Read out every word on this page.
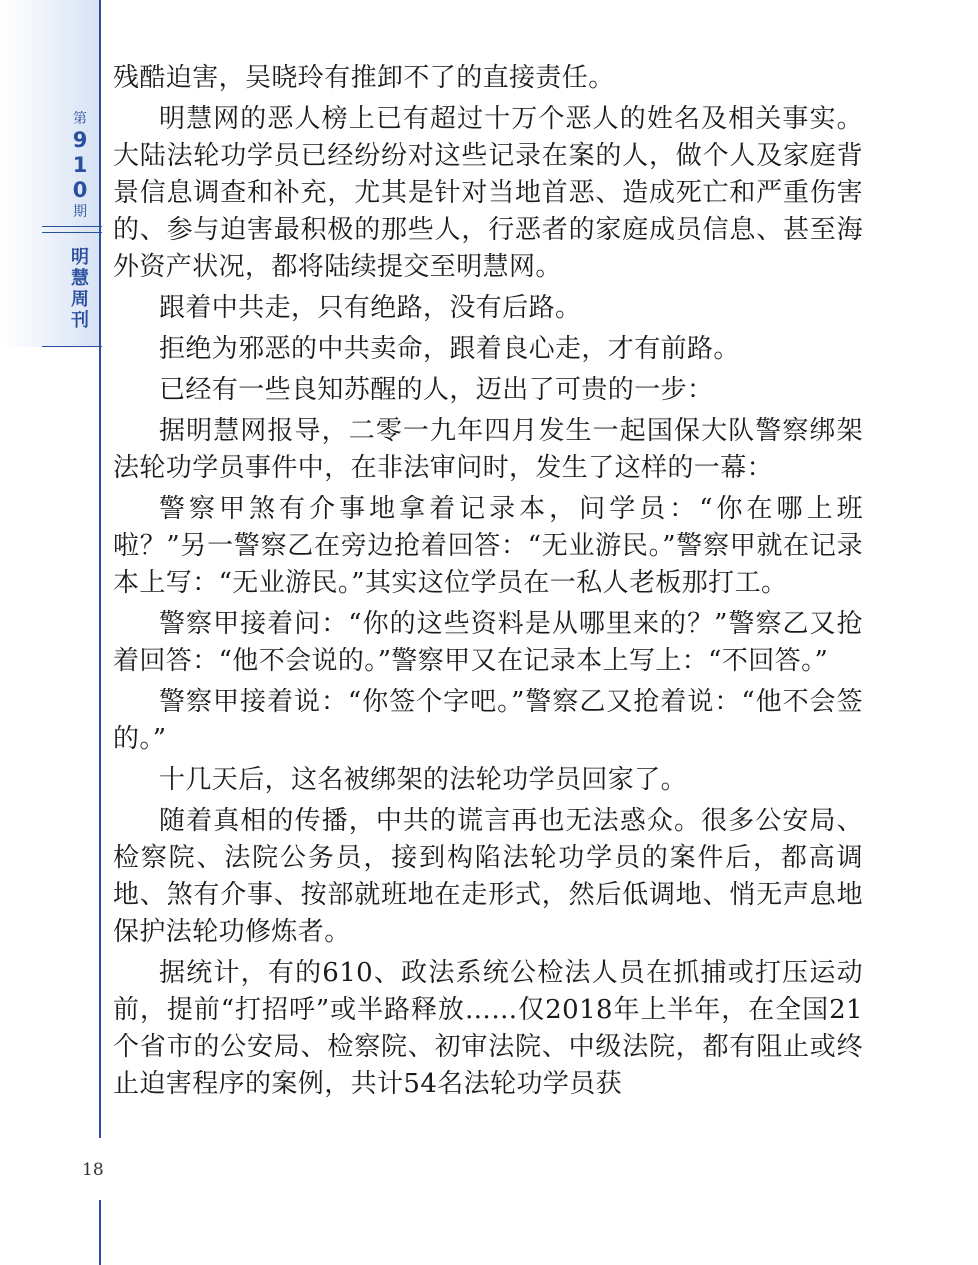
第
9
1
0
期
明
慧
周
刊
18

残酷迫害，吴晓玲有推卸不了的直接责任。

明慧网的恶人榜上已有超过十万个恶人的姓名及相关事实。大陆法轮功学员已经纷纷对这些记录在案的人，做个人及家庭背景信息调查和补充，尤其是针对当地首恶、造成死亡和严重伤害的、参与迫害最积极的那些人，行恶者的家庭成员信息、甚至海外资产状况，都将陆续提交至明慧网。

跟着中共走，只有绝路，没有后路。

拒绝为邪恶的中共卖命，跟着良心走，才有前路。

已经有一些良知苏醒的人，迈出了可贵的一步：

据明慧网报导，二零一九年四月发生一起国保大队警察绑架法轮功学员事件中，在非法审问时，发生了这样的一幕：

警察甲煞有介事地拿着记录本，问学员：“你在哪上班啦？”另一警察乙在旁边抢着回答：“无业游民。”警察甲就在记录本上写：“无业游民。”其实这位学员在一私人老板那打工。

警察甲接着问：“你的这些资料是从哪里来的？”警察乙又抢着回答：“他不会说的。”警察甲又在记录本上写上：“不回答。”

警察甲接着说：“你签个字吧。”警察乙又抢着说：“他不会签的。”

十几天后，这名被绑架的法轮功学员回家了。

随着真相的传播，中共的谎言再也无法惑众。很多公安局、检察院、法院公务员，接到构陷法轮功学员的案件后，都高调地、煞有介事、按部就班地在走形式，然后低调地、悄无声息地保护法轮功修炼者。

据统计，有的610、政法系统公检法人员在抓捕或打压运动前，提前“打招呼”或半路释放……仅2018年上半年，在全国21个省市的公安局、检察院、初审法院、中级法院，都有阻止或终止迫害程序的案例，共计54名法轮功学员获
